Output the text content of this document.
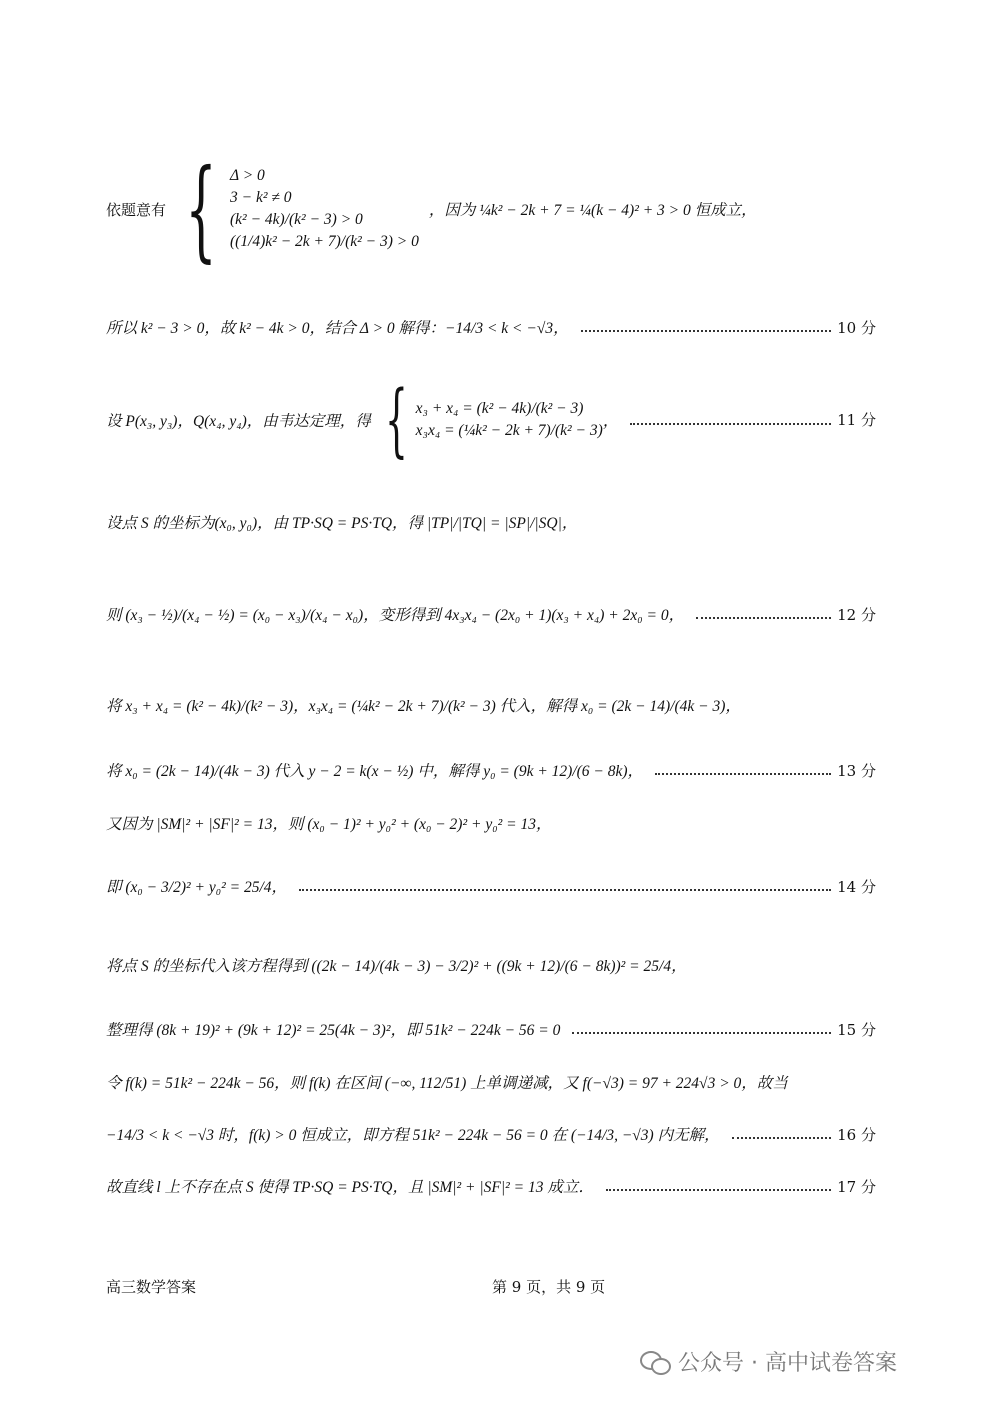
依题意有 { Δ > 0
3 − k² ≠ 0
(k² − 4k)/(k² − 3) > 0
((1/4)k² − 2k + 7)/(k² − 3) > 0
，因为 ¼k² − 2k + 7 = ¼(k − 4)² + 3 > 0 恒成立，
所以 k² − 3 > 0，故 k² − 4k > 0，结合 Δ > 0 解得：−14/3 < k < −√3，	10 分
设 P(x₃, y₃)，Q(x₄, y₄)，由韦达定理，得 { x₃ + x₄ = (k² − 4k)/(k² − 3)
x₃x₄ = (¼k² − 2k + 7)/(k² − 3)
，	11 分
设点 S 的坐标为(x₀, y₀)，由 TP·SQ = PS·TQ，得 |TP|/|TQ| = |SP|/|SQ|，
则 (x₃ − ½)/(x₄ − ½) = (x₀ − x₃)/(x₄ − x₀)，变形得到 4x₃x₄ − (2x₀ + 1)(x₃ + x₄) + 2x₀ = 0，	12 分
将 x₃ + x₄ = (k² − 4k)/(k² − 3)，x₃x₄ = (¼k² − 2k + 7)/(k² − 3) 代入，解得 x₀ = (2k − 14)/(4k − 3)，
将 x₀ = (2k − 14)/(4k − 3) 代入 y − 2 = k(x − ½) 中，解得 y₀ = (9k + 12)/(6 − 8k)，	13 分
又因为 |SM|² + |SF|² = 13，则 (x₀ − 1)² + y₀² + (x₀ − 2)² + y₀² = 13，
即 (x₀ − 3/2)² + y₀² = 25/4，	14 分
将点 S 的坐标代入该方程得到 ((2k − 14)/(4k − 3) − 3/2)² + ((9k + 12)/(6 − 8k))² = 25/4，
整理得 (8k + 19)² + (9k + 12)² = 25(4k − 3)²，即 51k² − 224k − 56 = 0	15 分
令 f(k) = 51k² − 224k − 56，则 f(k) 在区间 (−∞, 112/51) 上单调递减，又 f(−√3) = 97 + 224√3 > 0，故当
−14/3 < k < −√3 时，f(k) > 0 恒成立，即方程 51k² − 224k − 56 = 0 在 (−14/3, −√3) 内无解，	16 分
故直线 l 上不存在点 S 使得 TP·SQ = PS·TQ，且 |SM|² + |SF|² = 13 成立．	17 分
高三数学答案	第 9 页，共 9 页
公众号 · 高中试卷答案
